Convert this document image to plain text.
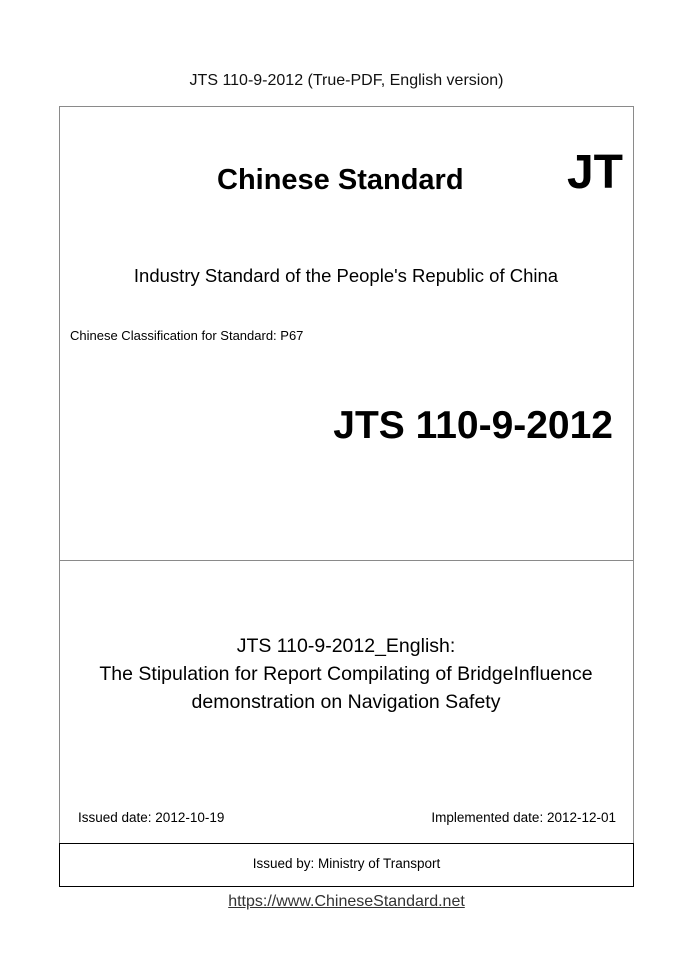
JTS 110-9-2012 (True-PDF, English version)
Chinese Standard JT
Industry Standard of the People's Republic of China
Chinese Classification for Standard: P67
JTS 110-9-2012
JTS 110-9-2012_English:
The Stipulation for Report Compilating of BridgeInfluence
demonstration on Navigation Safety
Issued date: 2012-10-19	Implemented date: 2012-12-01
Issued by: Ministry of Transport
https://www.ChineseStandard.net
